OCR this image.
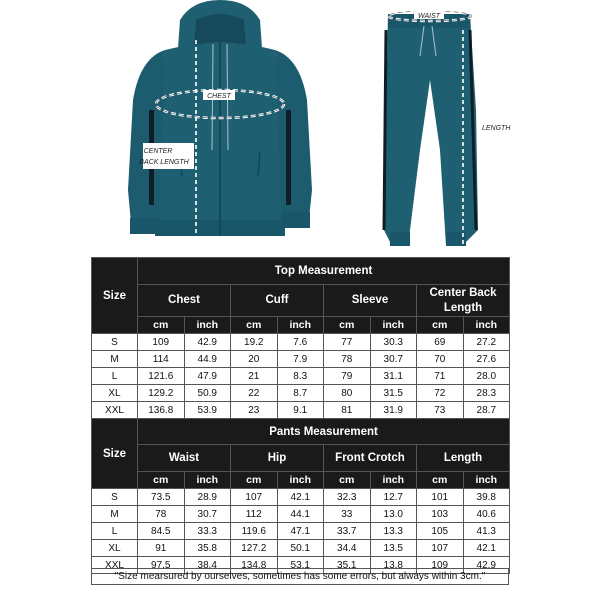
CHEST
CENTER
BACK LENGTH
WAIST
LENGTH
Size	Top Measurement							
	Chest		Cuff		Sleeve		Center Back Length	
	cm	inch	cm	inch	cm	inch	cm	inch
S	109	42.9	19.2	7.6	77	30.3	69	27.2
M	114	44.9	20	7.9	78	30.7	70	27.6
L	121.6	47.9	21	8.3	79	31.1	71	28.0
XL	129.2	50.9	22	8.7	80	31.5	72	28.3
XXL	136.8	53.9	23	9.1	81	31.9	73	28.7
Size	Pants Measurement							
	Waist		Hip		Front Crotch		Length	
	cm	inch	cm	inch	cm	inch	cm	inch
S	73.5	28.9	107	42.1	32.3	12.7	101	39.8
M	78	30.7	112	44.1	33	13.0	103	40.6
L	84.5	33.3	119.6	47.1	33.7	13.3	105	41.3
XL	91	35.8	127.2	50.1	34.4	13.5	107	42.1
XXL	97.5	38.4	134.8	53.1	35.1	13.8	109	42.9
"Size mearsured by ourselves, sometimes has some errors, but always within 3cm."
